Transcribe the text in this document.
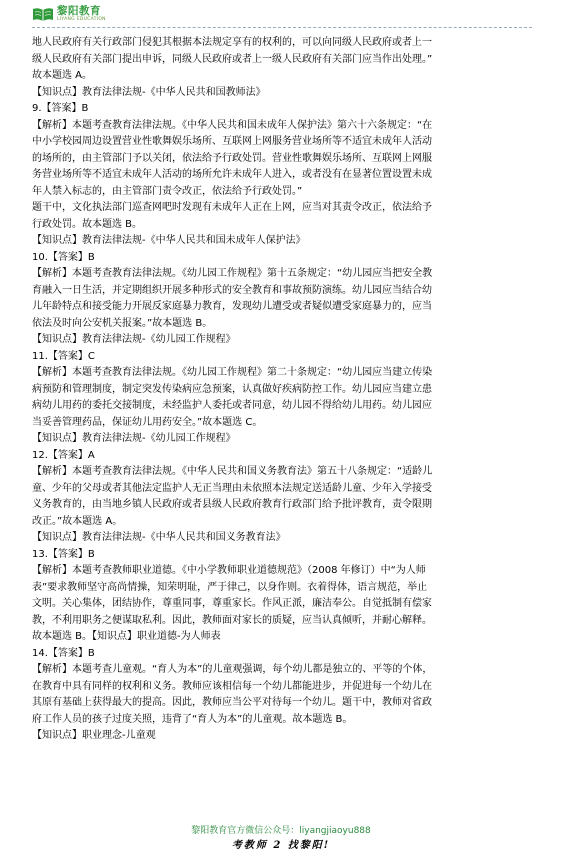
黎阳教育
LIYANG EDUCATION

地人民政府有关行政部门侵犯其根据本法规定享有的权利的，可以向同级人民政府或者上一

级人民政府有关部门提出申诉，同级人民政府或者上一级人民政府有关部门应当作出处理。”

故本题选 A。

【知识点】教育法律法规-《中华人民共和国教师法》

9.【答案】B

【解析】本题考查教育法律法规。《中华人民共和国未成年人保护法》第六十六条规定：“在

中小学校园周边设置营业性歌舞娱乐场所、互联网上网服务营业场所等不适宜未成年人活动

的场所的，由主管部门予以关闭，依法给予行政处罚。营业性歌舞娱乐场所、互联网上网服

务营业场所等不适宜未成年人活动的场所允许未成年人进入，或者没有在显著位置设置未成

年人禁入标志的，由主管部门责令改正，依法给予行政处罚。”

题干中，文化执法部门巡查网吧时发现有未成年人正在上网，应当对其责令改正，依法给予

行政处罚。故本题选 B。

【知识点】教育法律法规-《中华人民共和国未成年人保护法》

10.【答案】B

【解析】本题考查教育法律法规。《幼儿园工作规程》第十五条规定：“幼儿园应当把安全教

育融入一日生活，并定期组织开展多种形式的安全教育和事故预防演练。幼儿园应当结合幼

儿年龄特点和接受能力开展反家庭暴力教育，发现幼儿遭受或者疑似遭受家庭暴力的，应当

依法及时向公安机关报案。”故本题选 B。

【知识点】教育法律法规-《幼儿园工作规程》

11.【答案】C

【解析】本题考查教育法律法规。《幼儿园工作规程》第二十条规定：“幼儿园应当建立传染

病预防和管理制度，制定突发传染病应急预案，认真做好疾病防控工作。幼儿园应当建立患

病幼儿用药的委托交接制度，未经监护人委托或者同意，幼儿园不得给幼儿用药。幼儿园应

当妥善管理药品，保证幼儿用药安全。”故本题选 C。

【知识点】教育法律法规-《幼儿园工作规程》

12.【答案】A

【解析】本题考查教育法律法规。《中华人民共和国义务教育法》第五十八条规定：“适龄儿

童、少年的父母或者其他法定监护人无正当理由未依照本法规定送适龄儿童、少年入学接受

义务教育的，由当地乡镇人民政府或者县级人民政府教育行政部门给予批评教育，责令限期

改正。”故本题选 A。

【知识点】教育法律法规-《中华人民共和国义务教育法》

13.【答案】B

【解析】本题考查教师职业道德。《中小学教师职业道德规范》（2008 年修订）中“为人师

表”要求教师坚守高尚情操，知荣明耻，严于律己，以身作则。衣着得体，语言规范，举止

文明。关心集体，团结协作，尊重同事，尊重家长。作风正派，廉洁奉公。自觉抵制有偿家

教，不利用职务之便谋取私利。因此，教师面对家长的质疑，应当认真倾听，并耐心解释。

故本题选 B。【知识点】职业道德-为人师表

14.【答案】B

【解析】本题考查儿童观。“育人为本”的儿童观强调，每个幼儿都是独立的、平等的个体，

在教育中具有同样的权利和义务。教师应该相信每一个幼儿都能进步，并促进每一个幼儿在

其原有基础上获得最大的提高。因此，教师应当公平对待每一个幼儿。题干中，教师对省政

府工作人员的孩子过度关照，违背了“育人为本”的儿童观。故本题选 B。

【知识点】职业理念-儿童观

黎阳教育官方微信公众号：liyangjiaoyu888
考教师 2 找黎阳!
